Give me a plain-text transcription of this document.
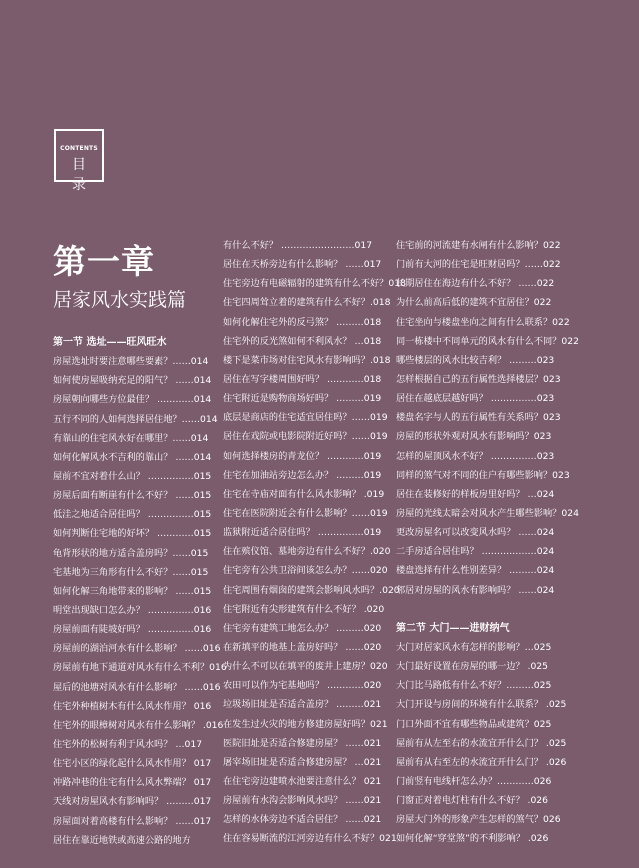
CONTENTS
目 录
第一章
居家风水实践篇
第一节 选址——旺风旺水
房屋选址时要注意哪些要素？……014
如何使房屋吸纳充足的阳气？ ……014
房屋朝向哪些方位最佳？ …………014
五行不同的人如何选择居住地？……014
有靠山的住宅风水好在哪里？……014
如何化解风水不吉利的靠山？ ……014
屋前不宜对着什么山？ ……………015
房屋后面有断崖有什么不好？ ……015
低洼之地适合居住吗？ ……………015
如何判断住宅地的好坏？ …………015
龟背形状的地方适合盖房吗？……015
宅基地为三角形有什么不好？……015
如何化解三角地带来的影响？ ……015
明堂出现缺口怎么办？ ……………016
房屋前面有陡坡好吗？ ……………016
房屋前的湖泊河水有什么影响？ ……016
房屋前有地下通道对风水有什么不利？016
屋后的池塘对风水有什么影响？ ……016
住宅外种植树木有什么风水作用？ 016
住宅外的眼樟树对风水有什么影响？ .016
住宅外的松树有利于风水吗？ …017
住宅小区的绿化起什么风水作用？ 017
冲路冲巷的住宅有什么风水弊端？ 017
天线对房屋风水有影响吗？ ………017
房屋面对着高楼有什么影响？ ……017
居住在靠近地铁或高速公路的地方
有什么不好？ ……………………017
居住在天桥旁边有什么影响？ ……017
住宅旁边有电磁辐射的建筑有什么不好？018
住宅四周耸立着的建筑有什么不好？.018
如何化解住宅外的反弓煞？ ………018
住宅外的反光煞如何不利风水？ …018
楼下是菜市场对住宅风水有影响吗？.018
居住在写字楼周围好吗？ …………018
住宅附近是购物商场好吗？ ………019
底层是商店的住宅适宜居住吗？……019
居住在戏院或电影院附近好吗？……019
如何选择楼房的青龙位？ …………019
住宅在加油站旁边怎么办？ ………019
住宅在寺庙对面有什么风水影响？ .019
住宅在医院附近会有什么影响？……019
监狱附近适合居住吗？ ……………019
住在殡仪馆、墓地旁边有什么不好？.020
住宅旁有公共卫浴间该怎么办？……020
住宅周围有烟囱的建筑会影响风水吗？.020
住宅附近有尖形建筑有什么不好？ .020
住宅旁有建筑工地怎么办？ ………020
在新填平的地基上盖房好吗？ ……020
为什么不可以在填平的废井上建房？020
农田可以作为宅基地吗？ …………020
垃圾场旧址是否适合盖房？ ………021
在发生过火灾的地方修建房屋好吗？021
医院旧址是否适合修建房屋？ ……021
屠宰场旧址是否适合修建房屋？ …021
在住宅旁边建喷水池要注意什么？ 021
房屋前有水沟会影响风水吗？ ……021
怎样的水体旁边不适合居住？ ……021
住在容易断流的江河旁边有什么不好？021
住宅前的河流建有水闸有什么影响？022
门前有大河的住宅是旺财居吗？……022
长期居住在海边有什么不好？ ……022
为什么前高后低的建筑不宜居住？022
住宅坐向与楼盘坐向之间有什么联系？022
同一栋楼中不同单元的风水有什么不同？022
哪些楼层的风水比较吉利？ ………023
怎样根据自己的五行属性选择楼层？023
居住在越底层越好吗？ ……………023
楼盘名字与人的五行属性有关系吗？023
房屋的形状外观对风水有影响吗？023
怎样的屋顶风水不好？ ……………023
同样的煞气对不同的住户有哪些影响？023
居住在装修好的样板房里好吗？ …024
房屋的光线太暗会对风水产生哪些影响？024
更改房屋名可以改变风水吗？ ……024
二手房适合居住吗？ ………………024
楼盘选择有什么性别差异？ ………024
邻居对房屋的风水有影响吗？ ……024
第二节 大门——进财纳气
大门对居家风水有怎样的影响？…025
大门最好设置在房屋的哪一边？ .025
大门比马路低有什么不好？………025
大门开设与房间的环境有什么联系？ .025
门口外面不宜有哪些物品或建筑？025
屋前有从左至右的水流宜开什么门？ .025
屋前有从右至左的水流宜开什么门？ .026
门前竖有电线杆怎么办？…………026
门窗正对着电灯柱有什么不好？ .026
房屋大门外的形象产生怎样的煞气？026
如何化解“穿堂煞”的不利影响？ .026
